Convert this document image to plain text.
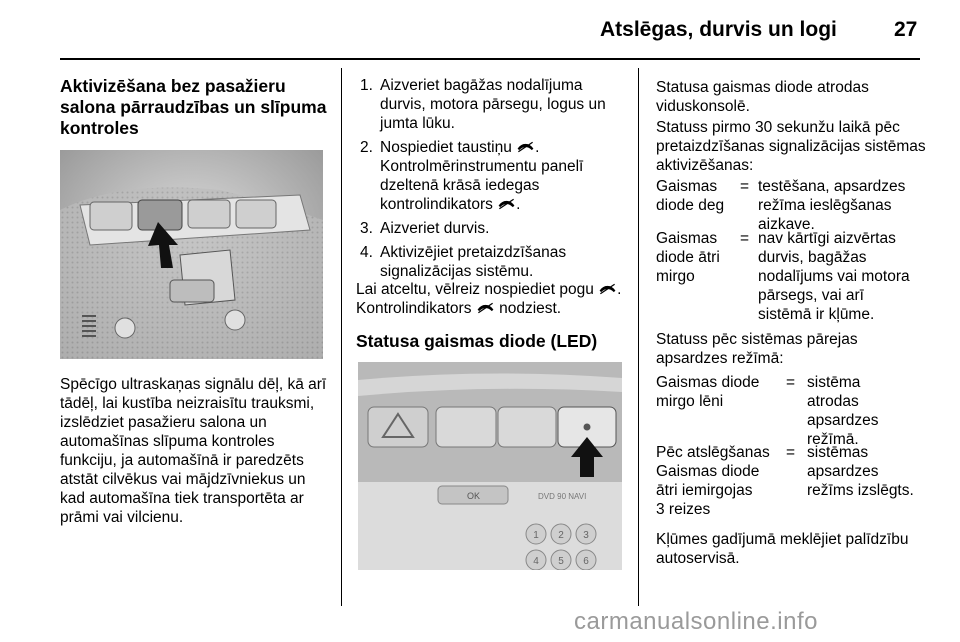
Atslēgas, durvis un logi	27
Aktivizēšana bez pasažieru salona pārraudzības un slīpuma kontroles
Spēcīgo ultraskaņas signālu dēļ, kā arī tādēļ, lai kustība neizraisītu trauksmi, izslēdziet pasažieru salona un automašīnas slīpuma kontroles funkciju, ja automašīnā ir paredzēts atstāt cilvēkus vai mājdzīvniekus un kad automašīna tiek transportēta ar prāmi vai vilcienu.
1. Aizveriet bagāžas nodalījuma durvis, motora pārsegu, logus un jumta lūku.
2. Nospiediet taustiņu .
Kontrolmērinstrumentu panelī dzeltenā krāsā iedegas kontrolindikators .
3. Aizveriet durvis.
4. Aktivizējiet pretaizdzīšanas signalizācijas sistēmu.
Lai atceltu, vēlreiz nospiediet pogu . Kontrolindikators nodziest.
Statusa gaismas diode (LED)
OK	DVD 90 NAVI
1 2 3
4 5 6
Statusa gaismas diode atrodas viduskonsolē.
Statuss pirmo 30 sekunžu laikā pēc pretaizdzīšanas signalizācijas sistēmas aktivizēšanas:
Gaismas
diode deg
= testēšana, apsardzes
režīma ieslēgšanas
aizkave.
Gaismas
diode ātri
mirgo
= nav kārtīgi aizvērtas
durvis, bagāžas
nodalījums vai motora
pārsegs, vai arī
sistēmā ir kļūme.
Statuss pēc sistēmas pārejas apsardzes režīmā:
Gaismas diode
mirgo lēni
= sistēma
atrodas
apsardzes
režīmā.
Pēc atslēgšanas
Gaismas diode
ātri iemirgojas
3 reizes
= sistēmas
apsardzes
režīms izslēgts.
Kļūmes gadījumā meklējiet palīdzību autoservisā.
carmanualsonline.info
